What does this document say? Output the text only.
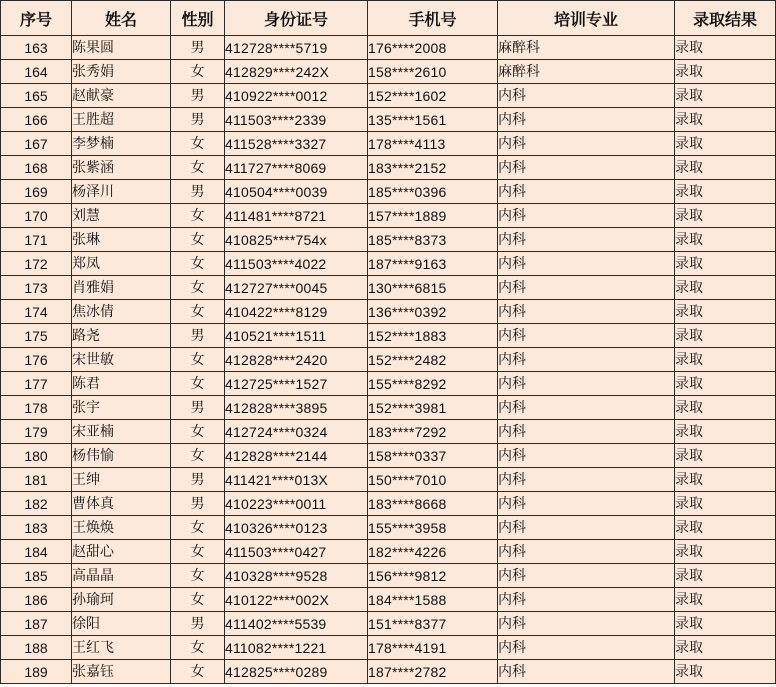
序号	姓名	性别	身份证号	手机号	培训专业	录取结果
163	陈果圆	男	412728****5719	176****2008	麻醉科	录取
164	张秀娟	女	412829****242X	158****2610	麻醉科	录取
165	赵献豪	男	410922****0012	152****1602	内科	录取
166	王胜超	男	411503****2339	135****1561	内科	录取
167	李梦楠	女	411528****3327	178****4113	内科	录取
168	张紫涵	女	411727****8069	183****2152	内科	录取
169	杨泽川	男	410504****0039	185****0396	内科	录取
170	刘慧	女	411481****8721	157****1889	内科	录取
171	张琳	女	410825****754x	185****8373	内科	录取
172	郑凤	女	411503****4022	187****9163	内科	录取
173	肖雅娟	女	412727****0045	130****6815	内科	录取
174	焦冰倩	女	410422****8129	136****0392	内科	录取
175	路尧	男	410521****1511	152****1883	内科	录取
176	宋世敏	女	412828****2420	152****2482	内科	录取
177	陈君	女	412725****1527	155****8292	内科	录取
178	张宇	男	412828****3895	152****3981	内科	录取
179	宋亚楠	女	412724****0324	183****7292	内科	录取
180	杨伟愉	女	412828****2144	158****0337	内科	录取
181	王绅	男	411421****013X	150****7010	内科	录取
182	曹体真	男	410223****0011	183****8668	内科	录取
183	王焕焕	女	410326****0123	155****3958	内科	录取
184	赵甜心	女	411503****0427	182****4226	内科	录取
185	高晶晶	女	410328****9528	156****9812	内科	录取
186	孙瑜珂	女	410122****002X	184****1588	内科	录取
187	徐阳	男	411402****5539	151****8377	内科	录取
188	王红飞	女	411082****1221	178****4191	内科	录取
189	张嘉钰	女	412825****0289	187****2782	内科	录取
